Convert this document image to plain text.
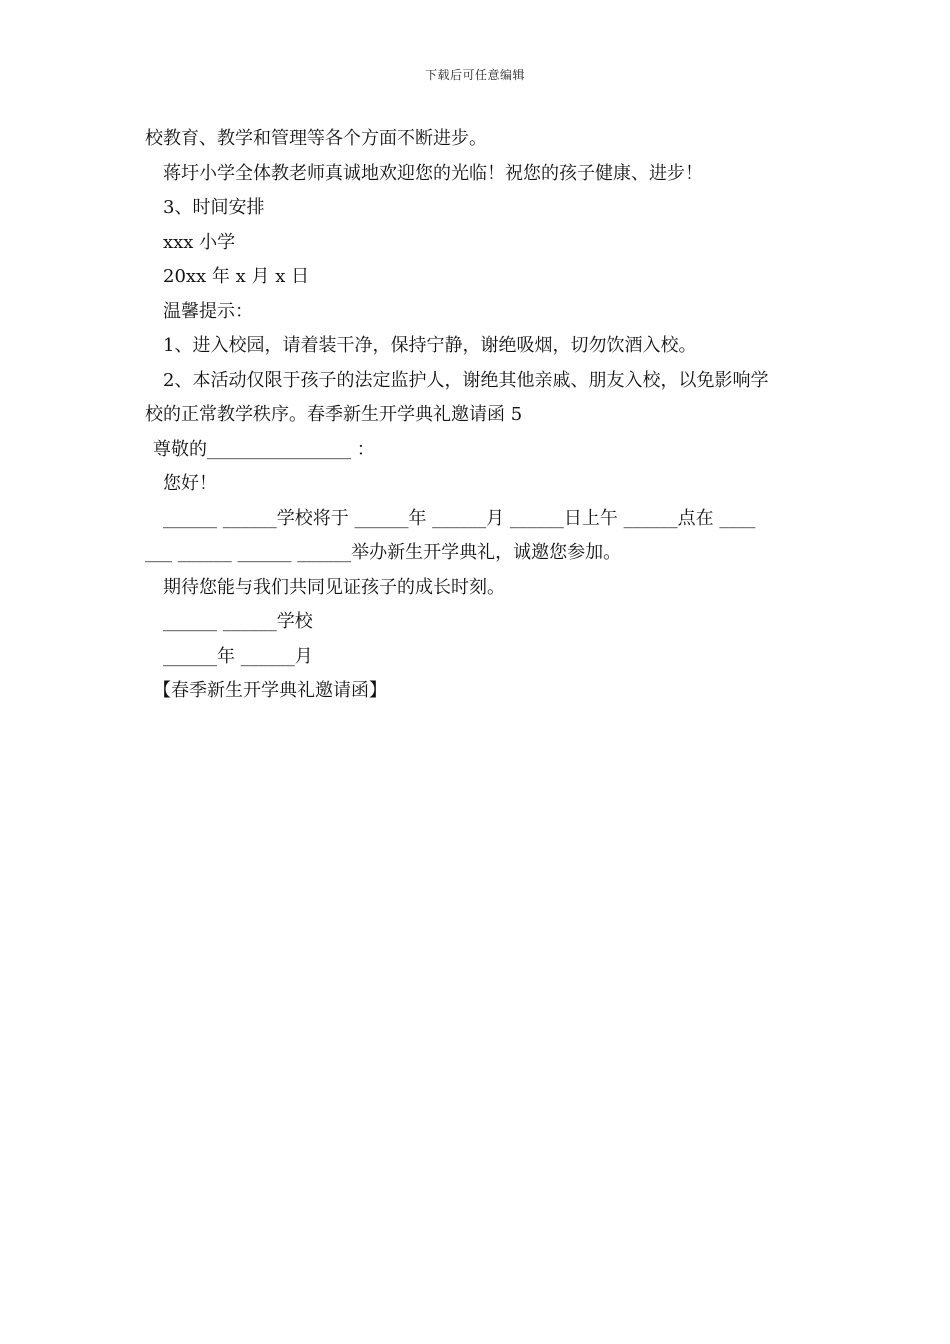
下载后可任意编辑
校教育、教学和管理等各个方面不断进步。
蒋圩小学全体教老师真诚地欢迎您的光临！祝您的孩子健康、进步！
3、时间安排
xxx 小学
20xx 年 x 月 x 日
温馨提示：
1、进入校园，请着装干净，保持宁静，谢绝吸烟，切勿饮酒入校。
2、本活动仅限于孩子的法定监护人，谢绝其他亲戚、朋友入校，以免影响学
校的正常教学秩序。春季新生开学典礼邀请函 5
尊敬的________________ ：
您好！
______ ______学校将于 ______年 ______月 ______日上午 ______点在 ____
___ ______ ______ ______举办新生开学典礼，诚邀您参加。
期待您能与我们共同见证孩子的成长时刻。
______ ______学校
______年 ______月
【春季新生开学典礼邀请函】
